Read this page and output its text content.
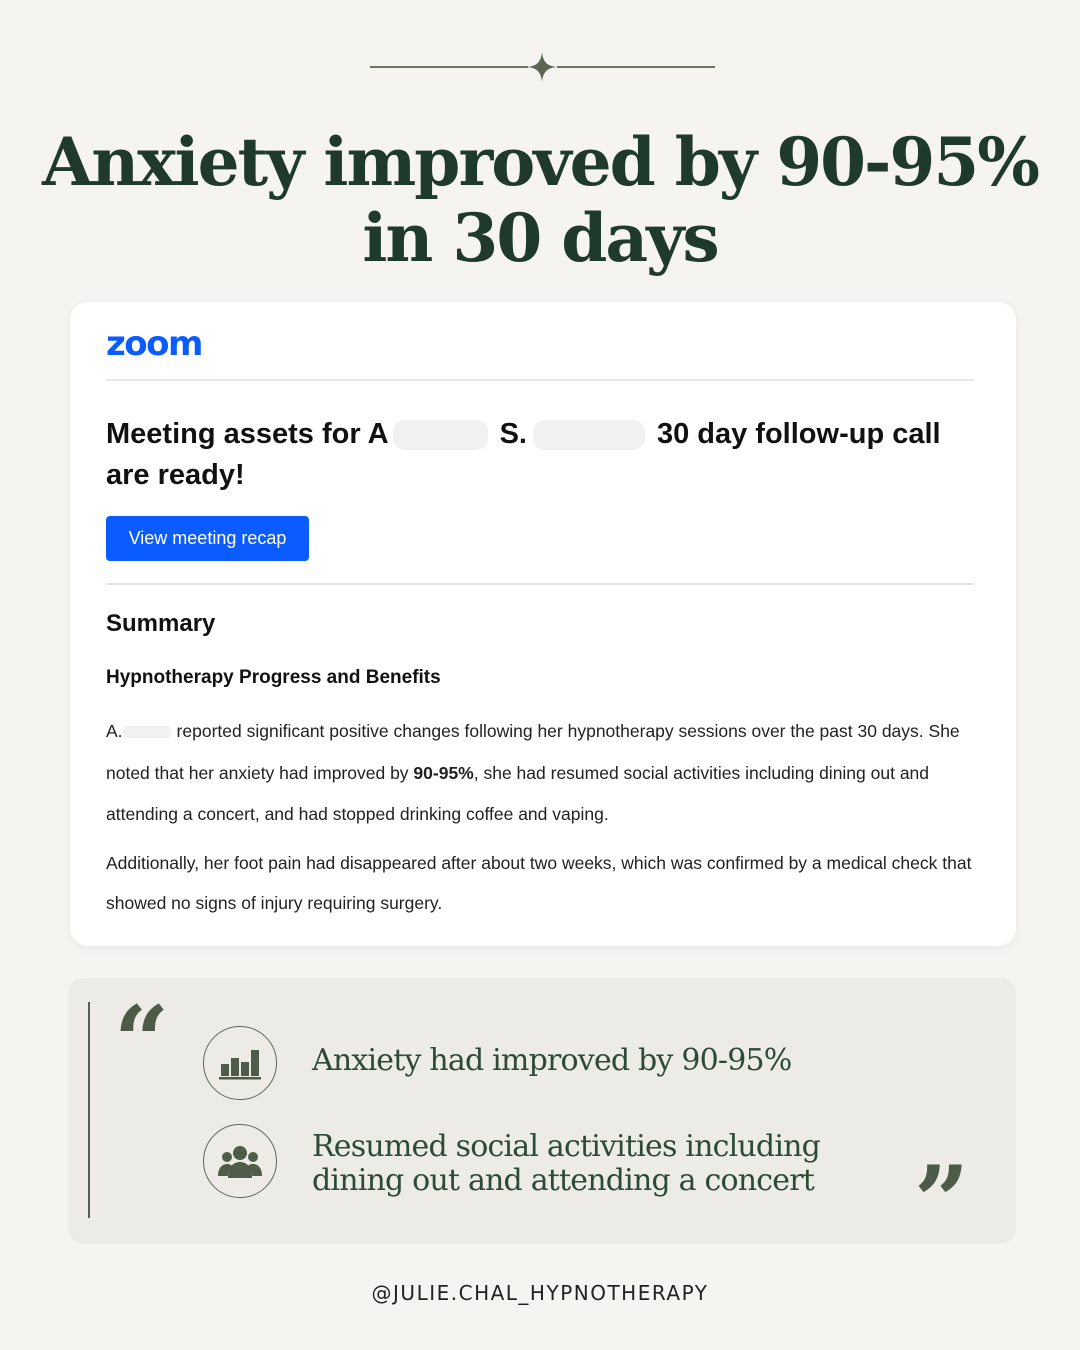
Anxiety improved by 90-95%
in 30 days
zoom
Meeting assets for A	S.	30 day follow-up call
are ready!
View meeting recap
Summary
Hypnotherapy Progress and Benefits

A.	reported significant positive changes following her hypnotherapy sessions over the past 30 days. She noted that her anxiety had improved by 90-95%, she had resumed social activities including dining out and attending a concert, and had stopped drinking coffee and vaping.

Additionally, her foot pain had disappeared after about two weeks, which was confirmed by a medical check that showed no signs of injury requiring surgery.

“	Anxiety had improved by 90-95%
Resumed social activities including
dining out and attending a concert	”
@JULIE.CHAL_HYPNOTHERAPY
